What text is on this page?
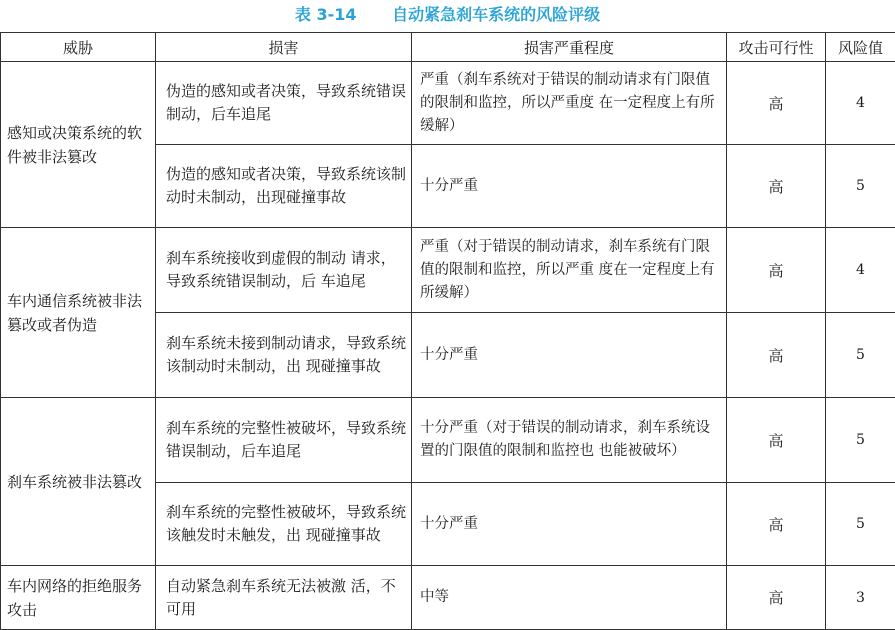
表 3-14 自动紧急刹车系统的风险评级
威胁	损害	损害严重程度	攻击可行性	风险值
感知或决策系统的软件被非法篡改	伪造的感知或者决策，导致系统错误制动，后车追尾	严重（刹车系统对于错误的制动请求有门限值的限制和监控，所以严重度 在一定程度上有所缓解）	高	4
	伪造的感知或者决策，导致系统该制动时未制动，出现碰撞事故	十分严重	高	5
车内通信系统被非法篡改或者伪造	刹车系统接收到虚假的制动 请求，导致系统错误制动，后 车追尾	严重（对于错误的制动请求，刹车系统有门限值的限制和监控，所以严重 度在一定程度上有所缓解）	高	4
	刹车系统未接到制动请求，导致系统该制动时未制动，出 现碰撞事故	十分严重	高	5
刹车系统被非法篡改	刹车系统的完整性被破坏，导致系统错误制动，后车追尾	十分严重（对于错误的制动请求，刹车系统设置的门限值的限制和监控也 也能被破坏）	高	5
	刹车系统的完整性被破坏，导致系统该触发时未触发，出 现碰撞事故	十分严重	高	5
车内网络的拒绝服务攻击	自动紧急刹车系统无法被激 活，不可用	中等	高	3
